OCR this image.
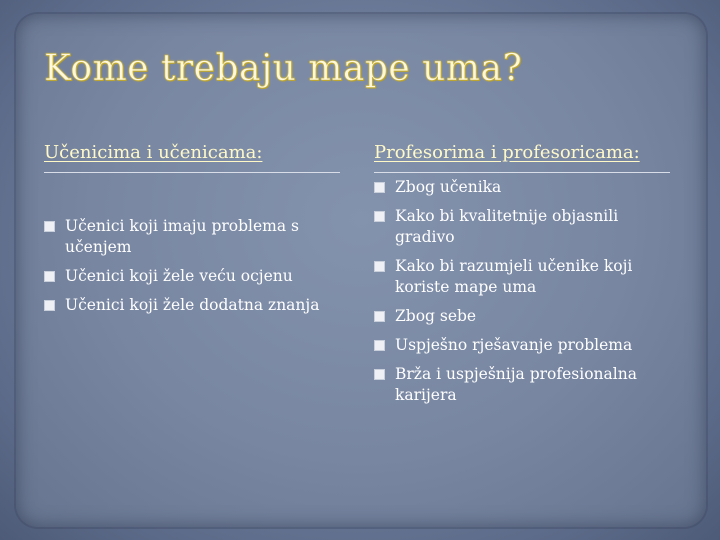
Kome trebaju mape uma?
Učenicima i učenicama:	Profesorima i profesoricama:
Učenici koji imaju problema s učenjem
Učenici koji žele veću ocjenu
Učenici koji žele dodatna znanja
Zbog učenika
Kako bi kvalitetnije objasnili gradivo
Kako bi razumjeli učenike koji koriste mape uma
Zbog sebe
Uspješno rješavanje problema
Brža i uspješnija profesionalna karijera
